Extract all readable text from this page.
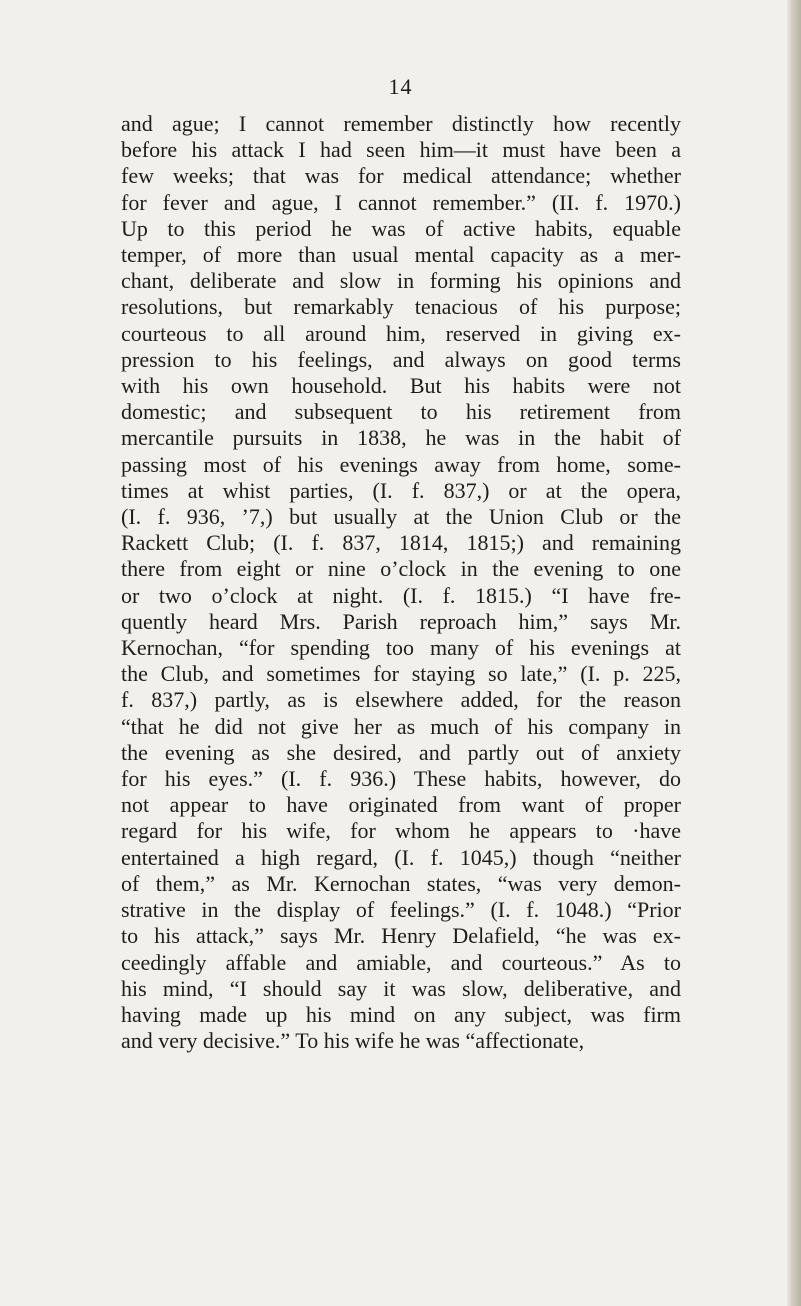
14
and ague; I cannot remember distinctly how recently
before his attack I had seen him—it must have been a
few weeks; that was for medical attendance; whether
for fever and ague, I cannot remember.” (II. f. 1970.)
Up to this period he was of active habits, equable
temper, of more than usual mental capacity as a mer-
chant, deliberate and slow in forming his opinions and
resolutions, but remarkably tenacious of his purpose;
courteous to all around him, reserved in giving ex-
pression to his feelings, and always on good terms
with his own household. But his habits were not
domestic; and subsequent to his retirement from
mercantile pursuits in 1838, he was in the habit of
passing most of his evenings away from home, some-
times at whist parties, (I. f. 837,) or at the opera,
(I. f. 936, ’7,) but usually at the Union Club or the
Rackett Club; (I. f. 837, 1814, 1815;) and remaining
there from eight or nine o’clock in the evening to one
or two o’clock at night. (I. f. 1815.) “I have fre-
quently heard Mrs. Parish reproach him,” says Mr.
Kernochan, “for spending too many of his evenings at
the Club, and sometimes for staying so late,” (I. p. 225,
f. 837,) partly, as is elsewhere added, for the reason
“that he did not give her as much of his company in
the evening as she desired, and partly out of anxiety
for his eyes.” (I. f. 936.) These habits, however, do
not appear to have originated from want of proper
regard for his wife, for whom he appears to ·have
entertained a high regard, (I. f. 1045,) though “neither
of them,” as Mr. Kernochan states, “was very demon-
strative in the display of feelings.” (I. f. 1048.) “Prior
to his attack,” says Mr. Henry Delafield, “he was ex-
ceedingly affable and amiable, and courteous.” As to
his mind, “I should say it was slow, deliberative, and
having made up his mind on any subject, was firm
and very decisive.” To his wife he was “affectionate,
